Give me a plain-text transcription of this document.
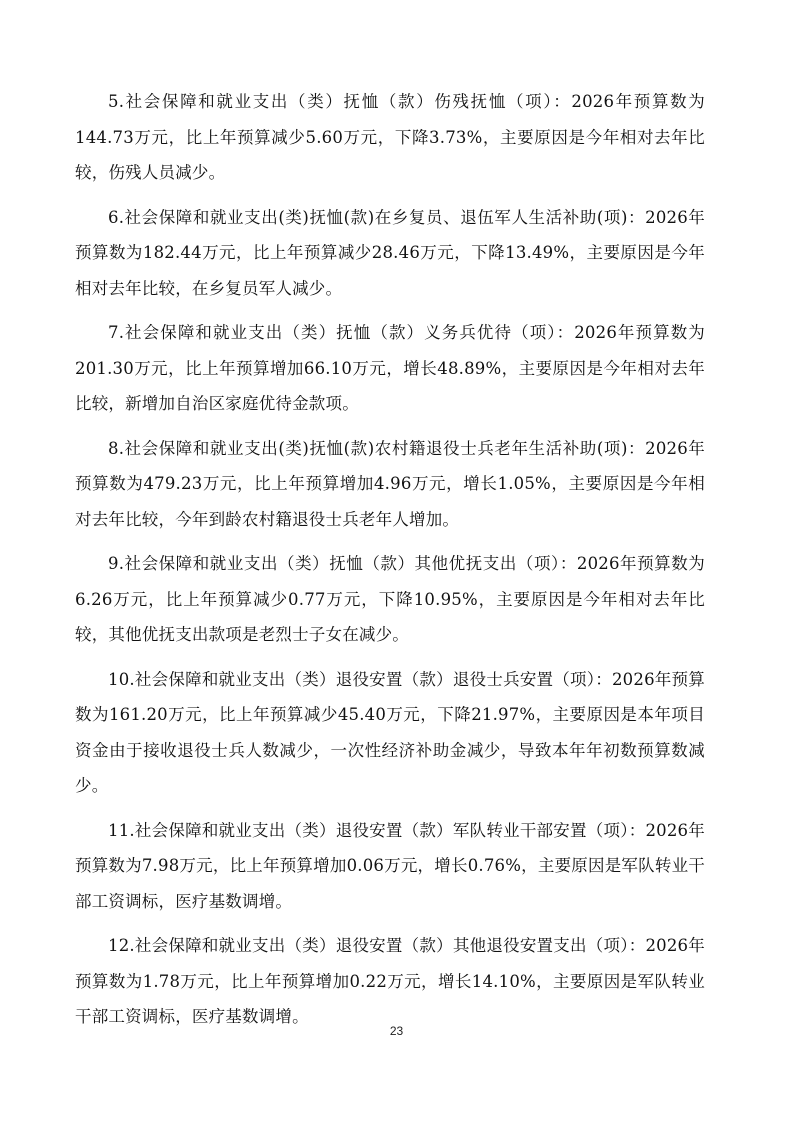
5.社会保障和就业支出（类）抚恤（款）伤残抚恤（项）：2026年预算数为144.73万元，比上年预算减少5.60万元，下降3.73%，主要原因是今年相对去年比较，伤残人员减少。

6.社会保障和就业支出(类)抚恤(款)在乡复员、退伍军人生活补助(项)：2026年预算数为182.44万元，比上年预算减少28.46万元，下降13.49%，主要原因是今年相对去年比较，在乡复员军人减少。

7.社会保障和就业支出（类）抚恤（款）义务兵优待（项）：2026年预算数为201.30万元，比上年预算增加66.10万元，增长48.89%，主要原因是今年相对去年比较，新增加自治区家庭优待金款项。

8.社会保障和就业支出(类)抚恤(款)农村籍退役士兵老年生活补助(项)：2026年预算数为479.23万元，比上年预算增加4.96万元，增长1.05%，主要原因是今年相对去年比较，今年到龄农村籍退役士兵老年人增加。

9.社会保障和就业支出（类）抚恤（款）其他优抚支出（项）：2026年预算数为6.26万元，比上年预算减少0.77万元，下降10.95%，主要原因是今年相对去年比较，其他优抚支出款项是老烈士子女在减少。

10.社会保障和就业支出（类）退役安置（款）退役士兵安置（项）：2026年预算数为161.20万元，比上年预算减少45.40万元，下降21.97%，主要原因是本年项目资金由于接收退役士兵人数减少，一次性经济补助金减少，导致本年年初数预算数减少。

11.社会保障和就业支出（类）退役安置（款）军队转业干部安置（项）：2026年预算数为7.98万元，比上年预算增加0.06万元，增长0.76%，主要原因是军队转业干部工资调标，医疗基数调增。

12.社会保障和就业支出（类）退役安置（款）其他退役安置支出（项）：2026年预算数为1.78万元，比上年预算增加0.22万元，增长14.10%，主要原因是军队转业干部工资调标，医疗基数调增。

23
